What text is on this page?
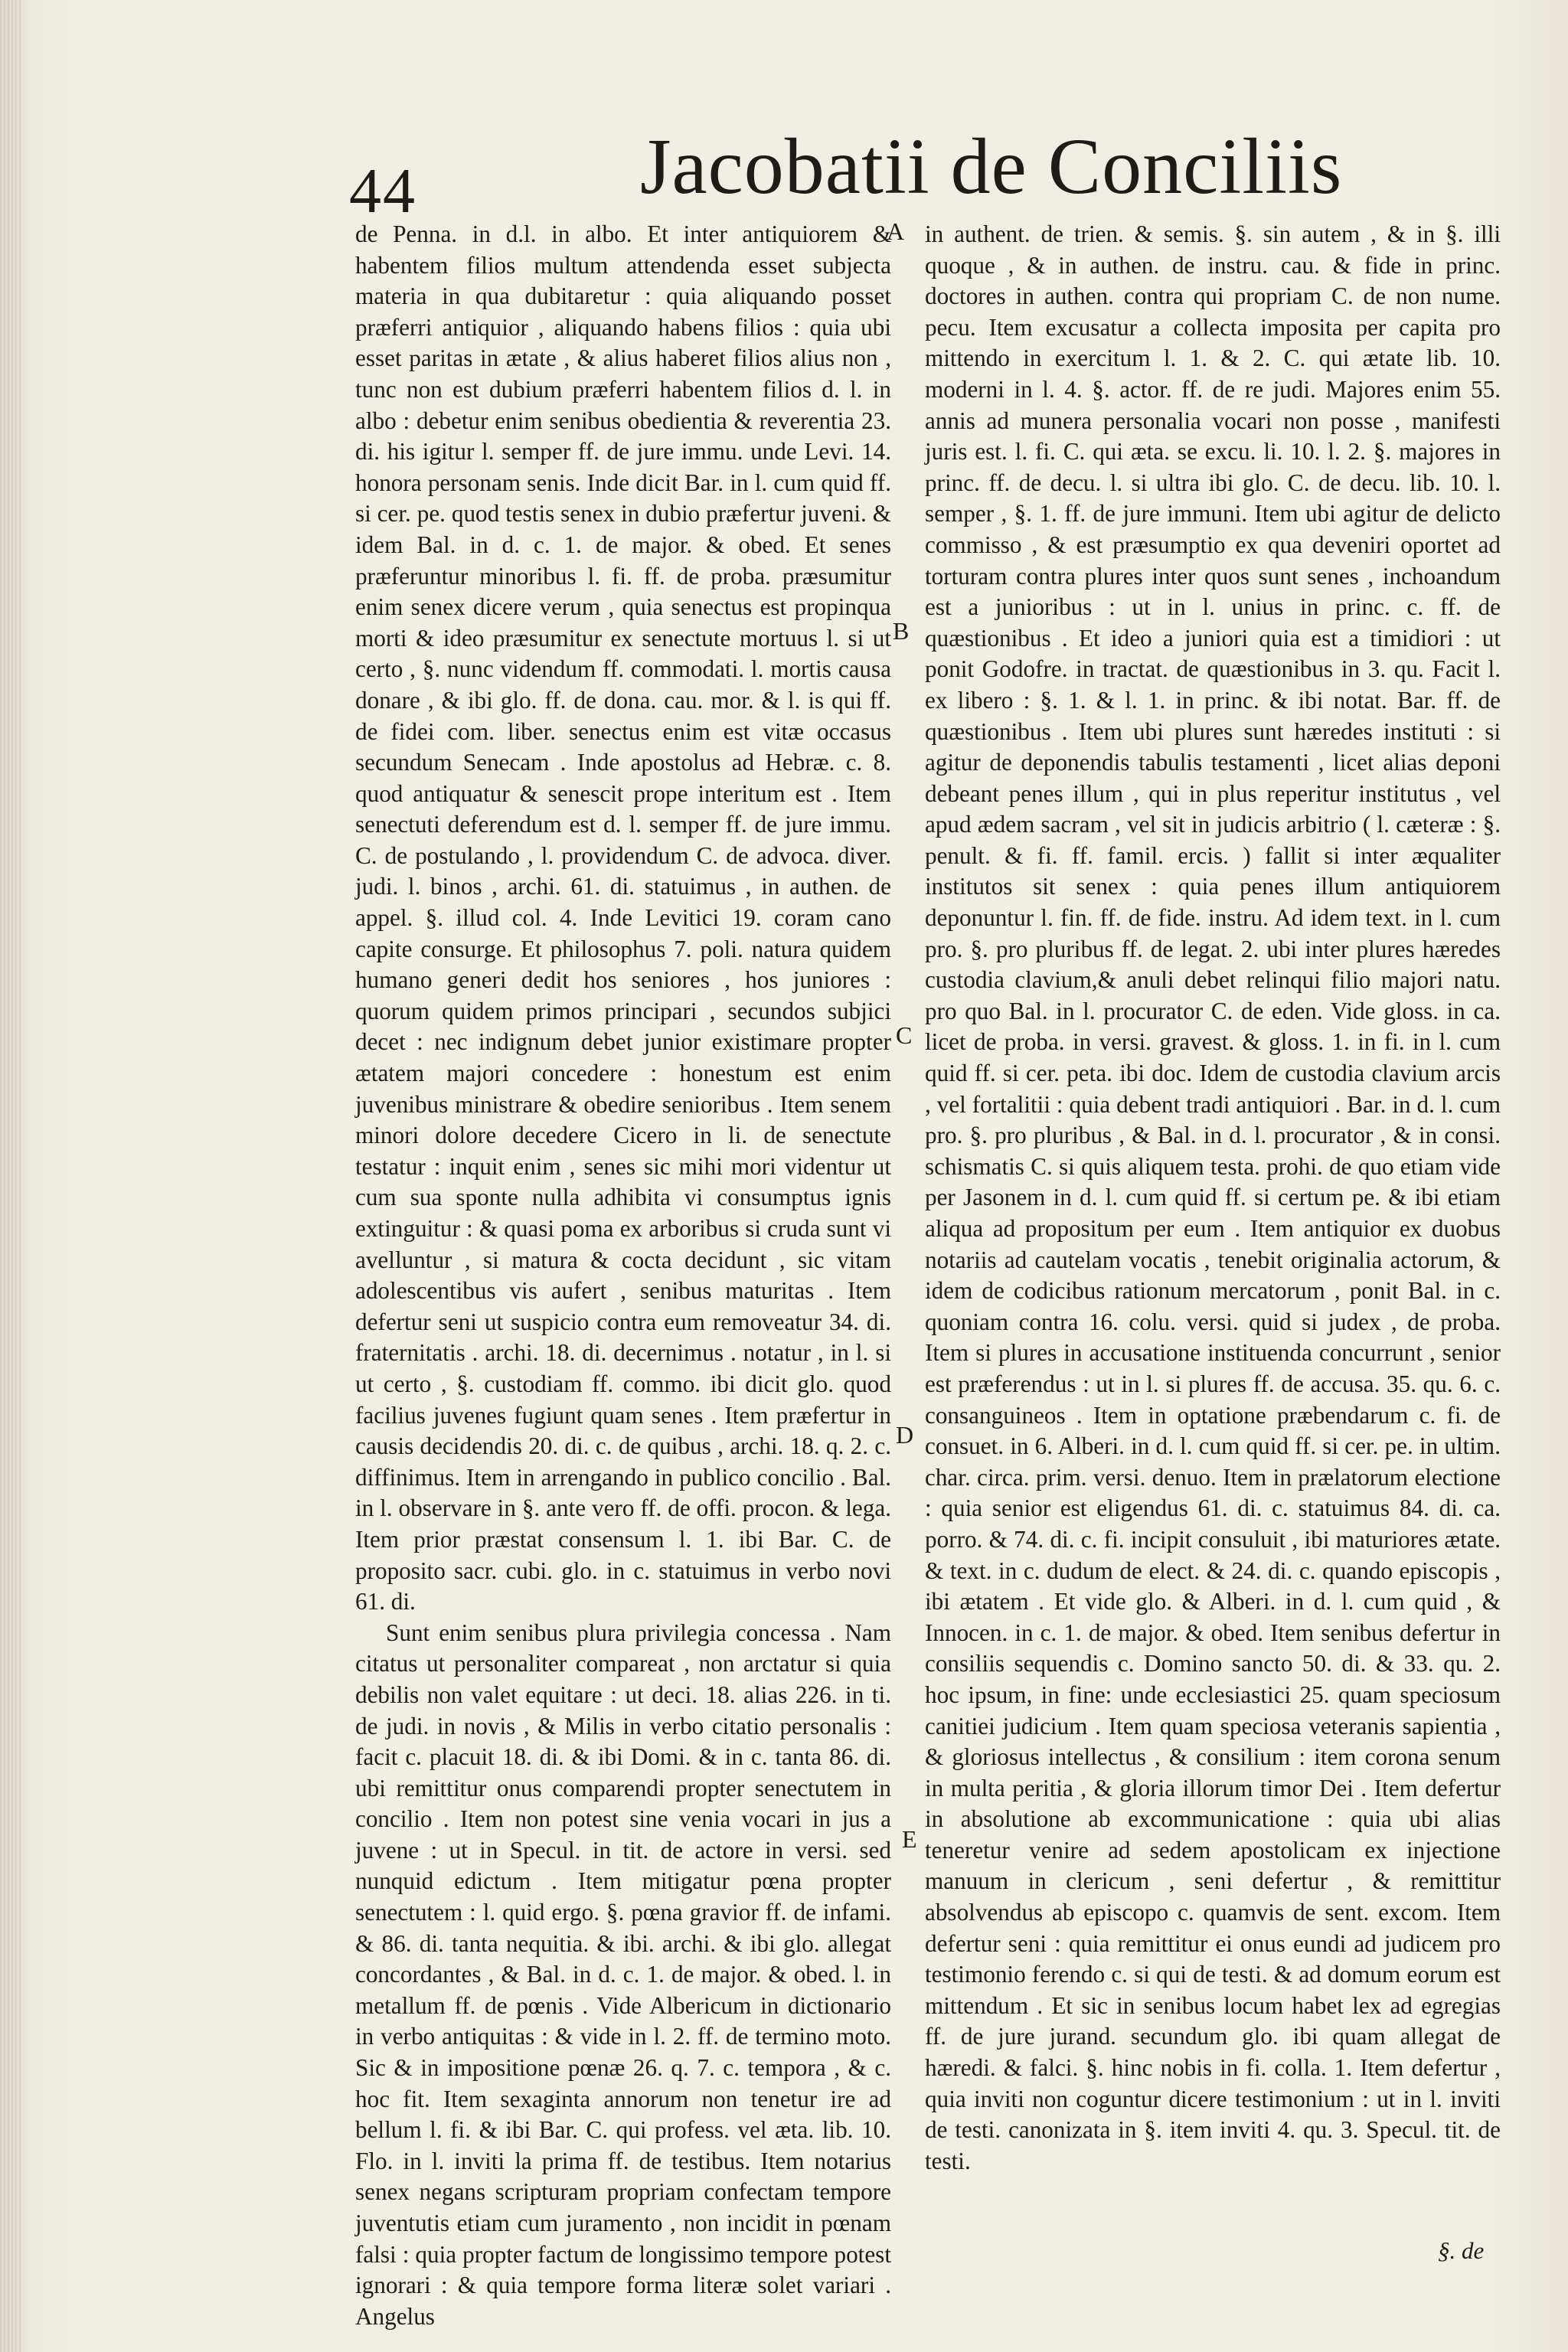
44	Jacobatii de Conciliis

de Penna. in d.l. in albo. Et inter antiquiorem & habentem filios multum attendenda esset subjecta materia in qua dubitaretur : quia aliquando posset præferri antiquior , aliquando habens filios : quia ubi esset paritas in ætate , & alius haberet filios alius non , tunc non est dubium præferri habentem filios d. l. in albo : debetur enim senibus obedientia & reverentia 23. di. his igitur l. semper ff. de jure immu. unde Levi. 14. honora personam senis. Inde dicit Bar. in l. cum quid ff. si cer. pe. quod testis senex in dubio præfertur juveni. & idem Bal. in d. c. 1. de major. & obed. Et senes præferuntur minoribus l. fi. ff. de proba. præsumitur enim senex dicere verum , quia senectus est propinqua morti & ideo præsumitur ex senectute mortuus l. si ut certo , §. nunc videndum ff. commodati. l. mortis causa donare , & ibi glo. ff. de dona. cau. mor. & l. is qui ff. de fidei com. liber. senectus enim est vitæ occasus secundum Senecam . Inde apostolus ad Hebræ. c. 8. quod antiquatur & senescit prope interitum est . Item senectuti deferendum est d. l. semper ff. de jure immu. C. de postulando , l. providendum C. de advoca. diver. judi. l. binos , archi. 61. di. statuimus , in authen. de appel. §. illud col. 4. Inde Levitici 19. coram cano capite consurge. Et philosophus 7. poli. natura quidem humano generi dedit hos seniores , hos juniores : quorum quidem primos principari , secundos subjici decet : nec indignum debet junior existimare propter ætatem majori concedere : honestum est enim juvenibus ministrare & obedire senioribus . Item senem minori dolore decedere Cicero in li. de senectute testatur : inquit enim , senes sic mihi mori videntur ut cum sua sponte nulla adhibita vi consumptus ignis extinguitur : & quasi poma ex arboribus si cruda sunt vi avelluntur , si matura & cocta decidunt , sic vitam adolescentibus vis aufert , senibus maturitas . Item defertur seni ut suspicio contra eum removeatur 34. di. fraternitatis . archi. 18. di. decernimus . notatur , in l. si ut certo , §. custodiam ff. commo. ibi dicit glo. quod facilius juvenes fugiunt quam senes . Item præfertur in causis decidendis 20. di. c. de quibus , archi. 18. q. 2. c. diffinimus. Item in arrengando in publico concilio . Bal. in l. observare in §. ante vero ff. de offi. procon. & lega. Item prior præstat consensum l. 1. ibi Bar. C. de proposito sacr. cubi. glo. in c. statuimus in verbo novi 61. di.

Sunt enim senibus plura privilegia concessa . Nam citatus ut personaliter compareat , non arctatur si quia debilis non valet equitare : ut deci. 18. alias 226. in ti. de judi. in novis , & Milis in verbo citatio personalis : facit c. placuit 18. di. & ibi Domi. & in c. tanta 86. di. ubi remittitur onus comparendi propter senectutem in concilio . Item non potest sine venia vocari in jus a juvene : ut in Specul. in tit. de actore in versi. sed nunquid edictum . Item mitigatur pœna propter senectutem : l. quid ergo. §. pœna gravior ff. de infami. & 86. di. tanta nequitia. & ibi. archi. & ibi glo. allegat concordantes , & Bal. in d. c. 1. de major. & obed. l. in metallum ff. de pœnis . Vide Albericum in dictionario in verbo antiquitas : & vide in l. 2. ff. de termino moto. Sic & in impositione pœnæ 26. q. 7. c. tempora , & c. hoc fit. Item sexaginta annorum non tenetur ire ad bellum l. fi. & ibi Bar. C. qui profess. vel æta. lib. 10. Flo. in l. inviti la prima ff. de testibus. Item notarius senex negans scripturam propriam confectam tempore juventutis etiam cum juramento , non incidit in pœnam falsi : quia propter factum de longissimo tempore potest ignorari : & quia tempore forma literæ solet variari . Angelus

A
B
C
D
E

in authent. de trien. & semis. §. sin autem , & in §. illi quoque , & in authen. de instru. cau. & fide in princ. doctores in authen. contra qui propriam C. de non nume. pecu. Item excusatur a collecta imposita per capita pro mittendo in exercitum l. 1. & 2. C. qui ætate lib. 10. moderni in l. 4. §. actor. ff. de re judi. Majores enim 55. annis ad munera personalia vocari non posse , manifesti juris est. l. fi. C. qui æta. se excu. li. 10. l. 2. §. majores in princ. ff. de decu. l. si ultra ibi glo. C. de decu. lib. 10. l. semper , §. 1. ff. de jure immuni. Item ubi agitur de delicto commisso , & est præsumptio ex qua deveniri oportet ad torturam contra plures inter quos sunt senes , inchoandum est a junioribus : ut in l. unius in princ. c. ff. de quæstionibus . Et ideo a juniori quia est a timidiori : ut ponit Godofre. in tractat. de quæstionibus in 3. qu. Facit l. ex libero : §. 1. & l. 1. in princ. & ibi notat. Bar. ff. de quæstionibus . Item ubi plures sunt hæredes instituti : si agitur de deponendis tabulis testamenti , licet alias deponi debeant penes illum , qui in plus reperitur institutus , vel apud ædem sacram , vel sit in judicis arbitrio ( l. cæteræ : §. penult. & fi. ff. famil. ercis. ) fallit si inter æqualiter institutos sit senex : quia penes illum antiquiorem deponuntur l. fin. ff. de fide. instru. Ad idem text. in l. cum pro. §. pro pluribus ff. de legat. 2. ubi inter plures hæredes custodia clavium,& anuli debet relinqui filio majori natu. pro quo Bal. in l. procurator C. de eden. Vide gloss. in ca. licet de proba. in versi. gravest. & gloss. 1. in fi. in l. cum quid ff. si cer. peta. ibi doc. Idem de custodia clavium arcis , vel fortalitii : quia debent tradi antiquiori . Bar. in d. l. cum pro. §. pro pluribus , & Bal. in d. l. procurator , & in consi. schismatis C. si quis aliquem testa. prohi. de quo etiam vide per Jasonem in d. l. cum quid ff. si certum pe. & ibi etiam aliqua ad propositum per eum . Item antiquior ex duobus notariis ad cautelam vocatis , tenebit originalia actorum, & idem de codicibus rationum mercatorum , ponit Bal. in c. quoniam contra 16. colu. versi. quid si judex , de proba. Item si plures in accusatione instituenda concurrunt , senior est præferendus : ut in l. si plures ff. de accusa. 35. qu. 6. c. consanguineos . Item in optatione præbendarum c. fi. de consuet. in 6. Alberi. in d. l. cum quid ff. si cer. pe. in ultim. char. circa. prim. versi. denuo. Item in prælatorum electione : quia senior est eligendus 61. di. c. statuimus 84. di. ca. porro. & 74. di. c. fi. incipit consuluit , ibi maturiores ætate. & text. in c. dudum de elect. & 24. di. c. quando episcopis , ibi ætatem . Et vide glo. & Alberi. in d. l. cum quid , & Innocen. in c. 1. de major. & obed. Item senibus defertur in consiliis sequendis c. Domino sancto 50. di. & 33. qu. 2. hoc ipsum, in fine: unde ecclesiastici 25. quam speciosum canitiei judicium . Item quam speciosa veteranis sapientia , & gloriosus intellectus , & consilium : item corona senum in multa peritia , & gloria illorum timor Dei . Item defertur in absolutione ab excommunicatione : quia ubi alias teneretur venire ad sedem apostolicam ex injectione manuum in clericum , seni defertur , & remittitur absolvendus ab episcopo c. quamvis de sent. excom. Item defertur seni : quia remittitur ei onus eundi ad judicem pro testimonio ferendo c. si qui de testi. & ad domum eorum est mittendum . Et sic in senibus locum habet lex ad egregias ff. de jure jurand. secundum glo. ibi quam allegat de hæredi. & falci. §. hinc nobis in fi. colla. 1. Item defertur , quia inviti non coguntur dicere testimonium : ut in l. inviti de testi. canonizata in §. item inviti 4. qu. 3. Specul. tit. de testi.

§. de
